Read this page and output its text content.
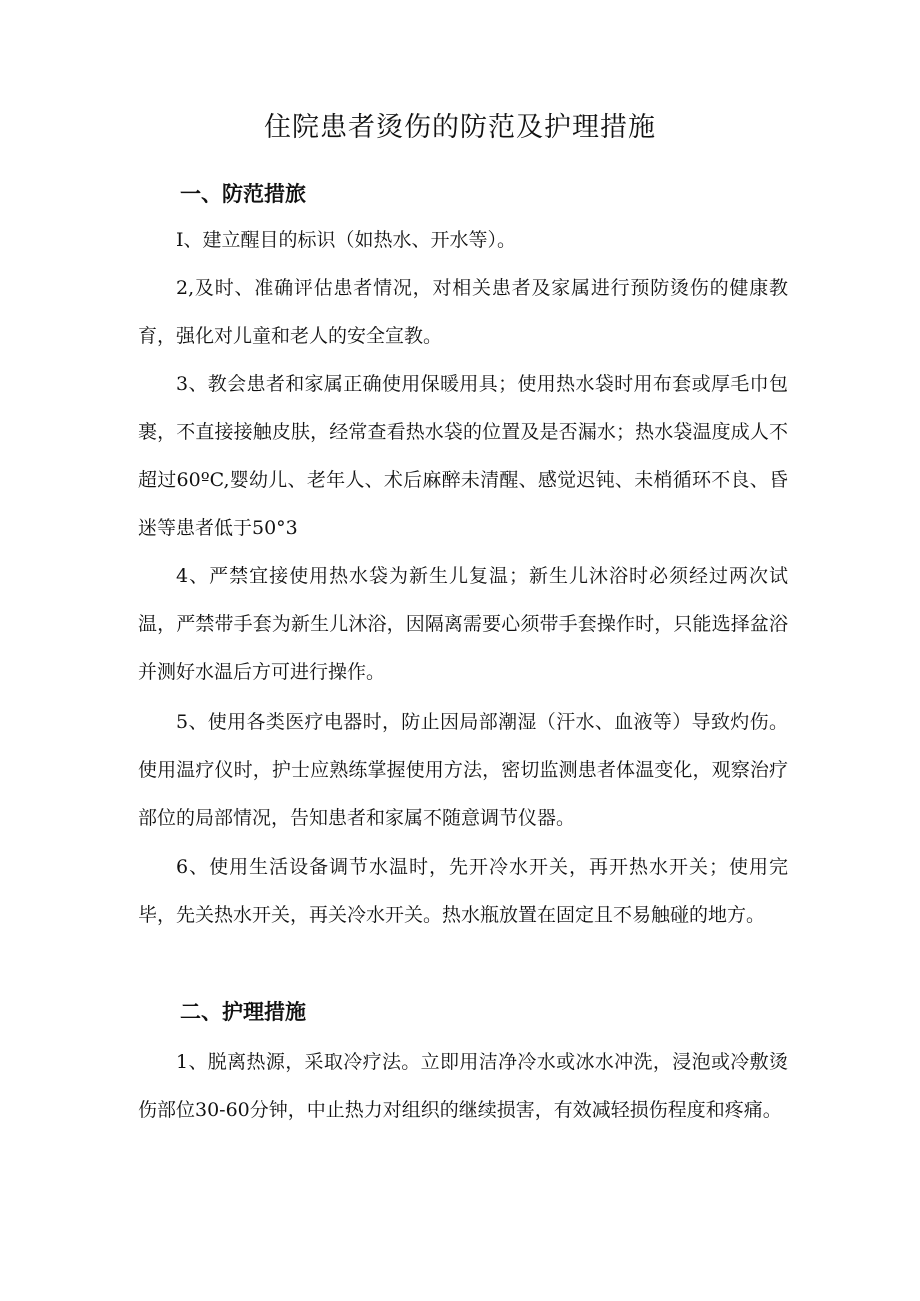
住院患者烫伤的防范及护理措施
一、防范措旅

I、建立醒目的标识（如热水、开水等）。

2,及时、准确评估患者情况，对相关患者及家属进行预防烫伤的健康教育，强化对儿童和老人的安全宣教。

3、教会患者和家属正确使用保暖用具；使用热水袋时用布套或厚毛巾包裹，不直接接触皮肤，经常查看热水袋的位置及是否漏水；热水袋温度成人不超过60ºC,婴幼儿、老年人、术后麻醉未清醒、感觉迟钝、未梢循环不良、昏迷等患者低于50°3

4、严禁宜接使用热水袋为新生儿复温；新生儿沐浴时必须经过两次试温，严禁带手套为新生儿沐浴，因隔离需要心须带手套操作时，只能选择盆浴并测好水温后方可进行操作。

5、使用各类医疗电器时，防止因局部潮湿（汗水、血液等）导致灼伤。使用温疗仪时，护士应熟练掌握使用方法，密切监测患者体温变化，观察治疗部位的局部情况，告知患者和家属不随意调节仪器。

6、使用生活设备调节水温时，先开冷水开关，再开热水开关；使用完毕，先关热水开关，再关冷水开关。热水瓶放置在固定且不易触碰的地方。

二、护理措施

1、脱离热源，采取冷疗法。立即用洁净冷水或冰水冲洗，浸泡或冷敷烫伤部位30-60分钟，中止热力对组织的继续损害，有效减轻损伤程度和疼痛。
